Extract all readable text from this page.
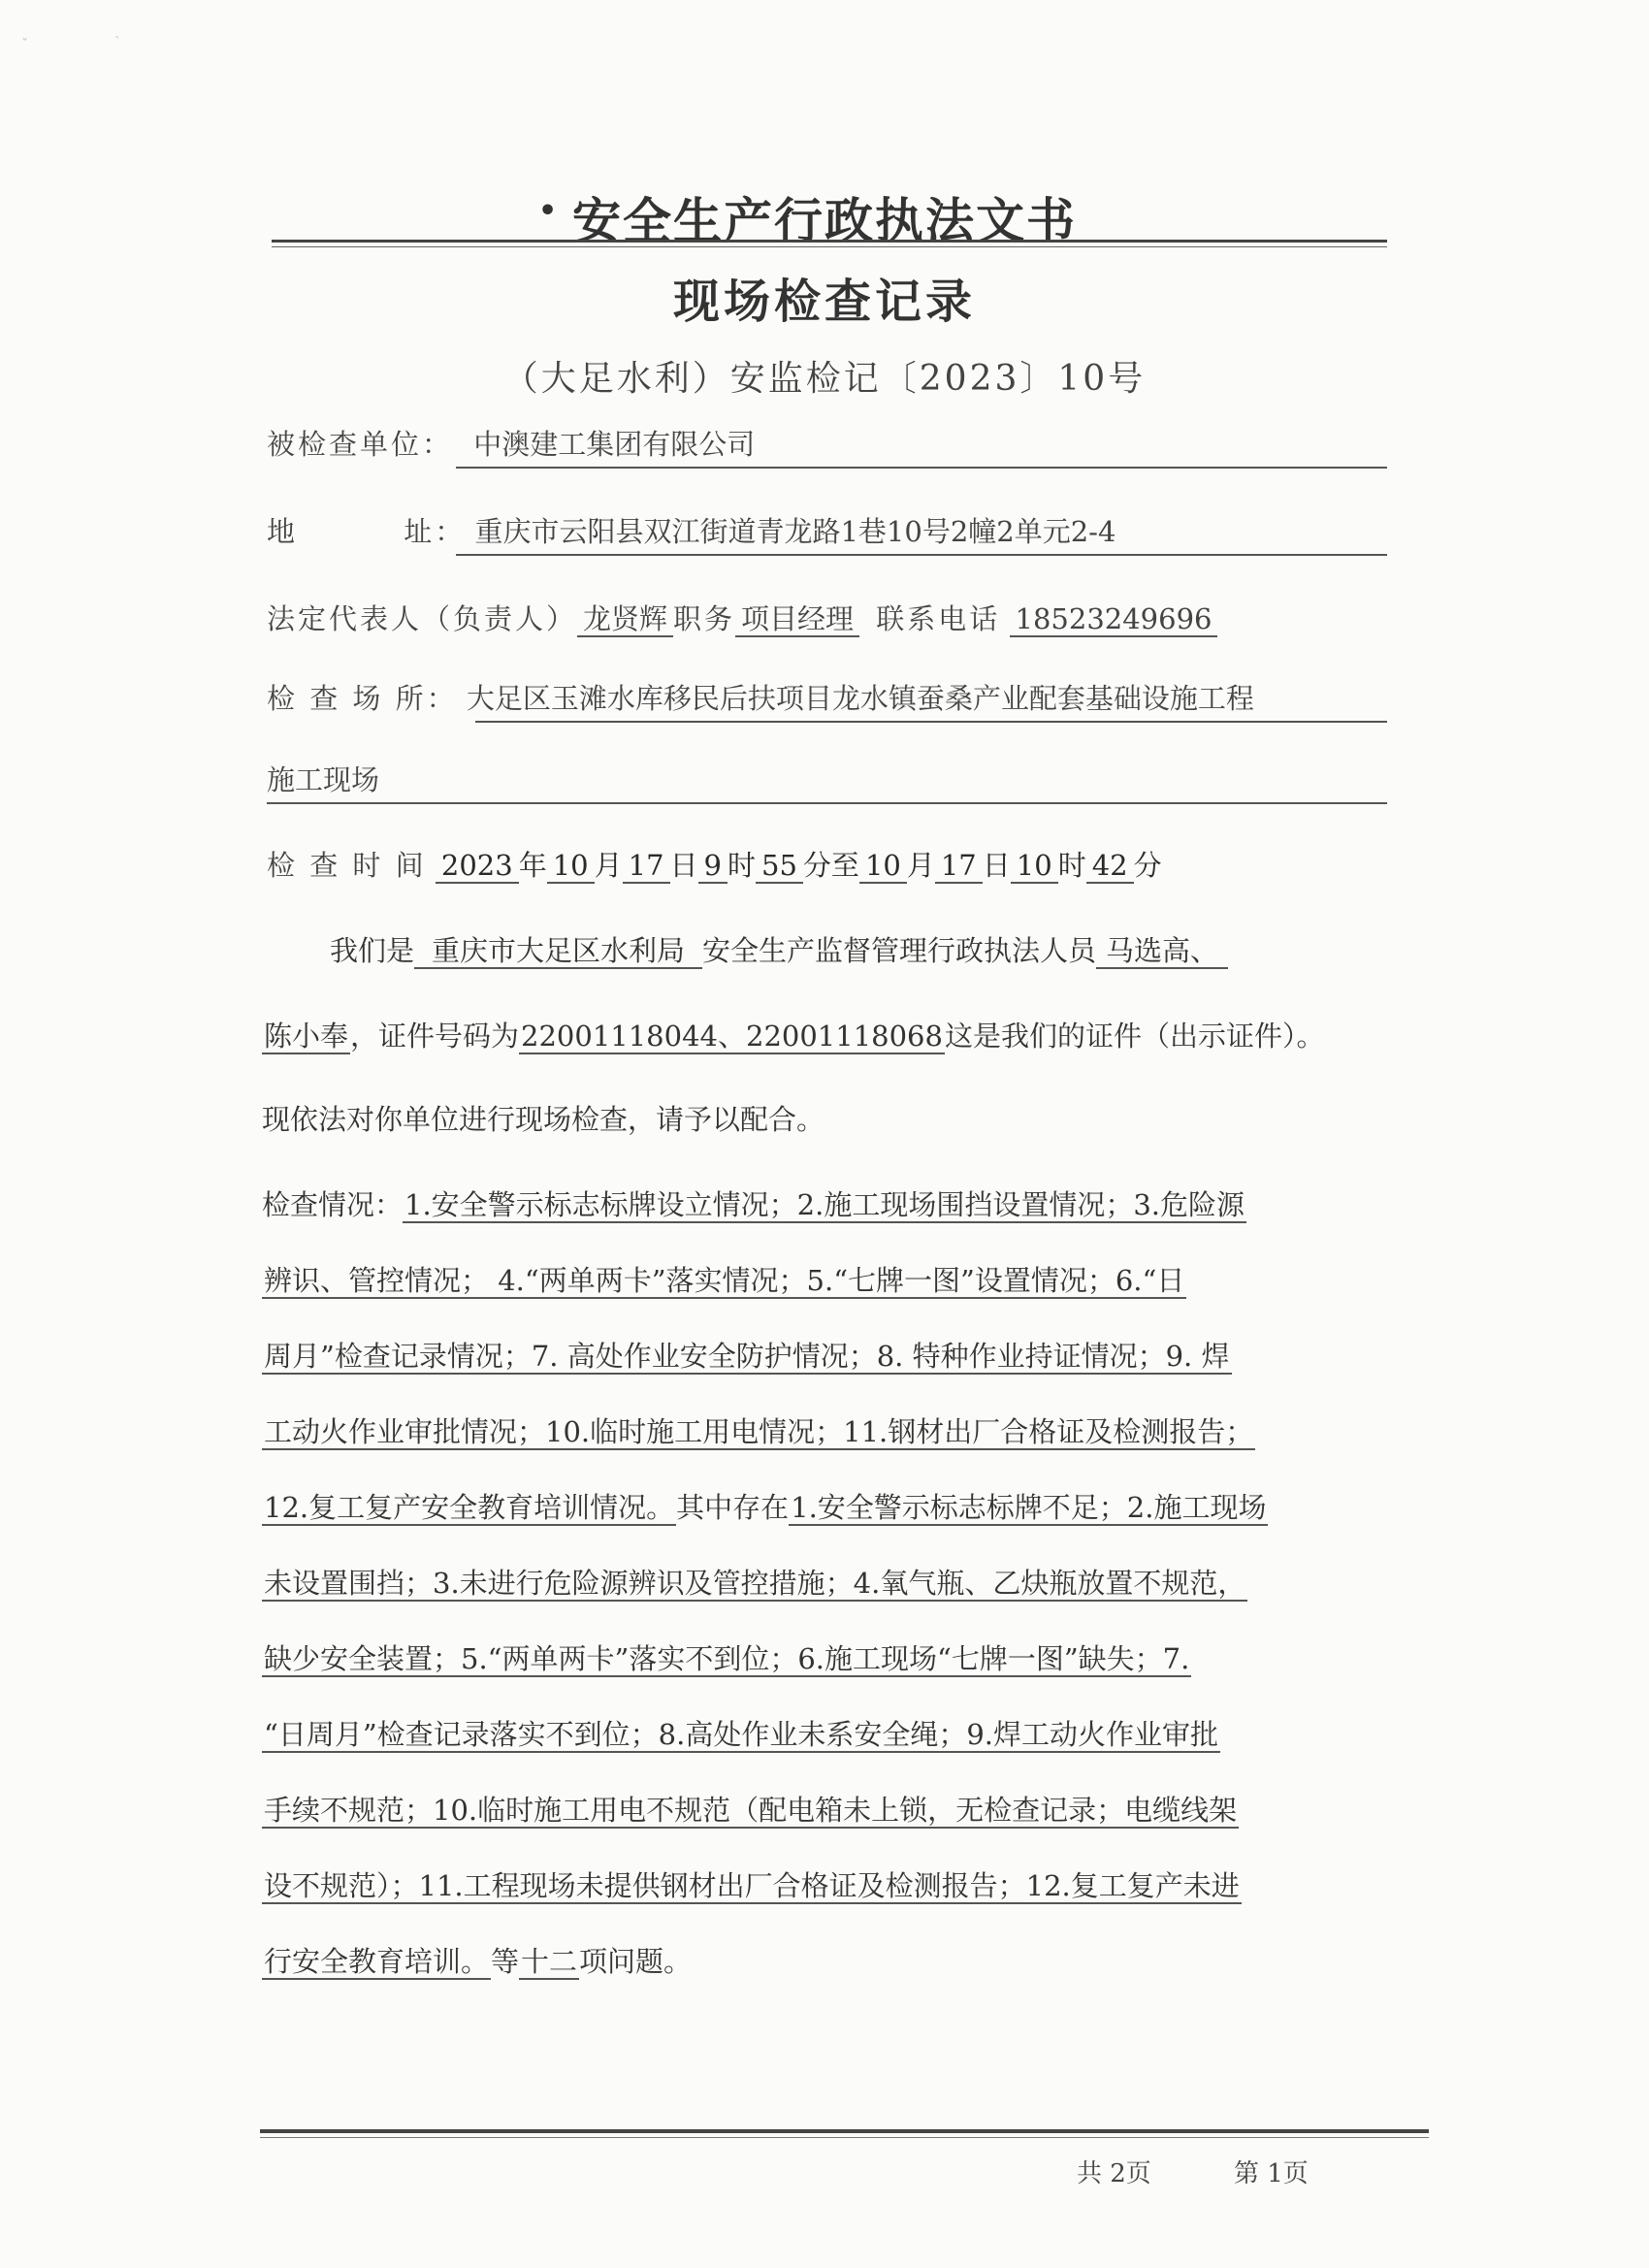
ˇ	ˋ
• 安全生产行政执法文书
现场检查记录
（大足水利）安监检记〔2023〕10号
被检查单位： 中澳建工集团有限公司
地	址： 重庆市云阳县双江街道青龙路1巷10号2幢2单元2-4
法定代表人（负责人） 龙贤辉 职务 项目经理 联系电话 18523249696
检 查 场 所： 大足区玉滩水库移民后扶项目龙水镇蚕桑产业配套基础设施工程
施工现场
检 查 时 间 2023 年 10 月 17 日 9 时 55 分至 10 月 17 日 10 时 42 分
我们是 重庆市大足区水利局 安全生产监督管理行政执法人员 马选高、
陈小奉，证件号码为22001118044、22001118068这是我们的证件（出示证件）。
现依法对你单位进行现场检查，请予以配合。
检查情况：1.安全警示标志标牌设立情况；2.施工现场围挡设置情况；3.危险源
辨识、管控情况； 4.“两单两卡”落实情况；5.“七牌一图”设置情况；6.“日
周月”检查记录情况；7. 高处作业安全防护情况；8. 特种作业持证情况；9. 焊
工动火作业审批情况；10.临时施工用电情况；11.钢材出厂合格证及检测报告；
12.复工复产安全教育培训情况。其中存在1.安全警示标志标牌不足；2.施工现场
未设置围挡；3.未进行危险源辨识及管控措施；4.氧气瓶、乙炔瓶放置不规范，
缺少安全装置；5.“两单两卡”落实不到位；6.施工现场“七牌一图”缺失；7.
“日周月”检查记录落实不到位；8.高处作业未系安全绳；9.焊工动火作业审批
手续不规范；10.临时施工用电不规范（配电箱未上锁，无检查记录；电缆线架
设不规范）；11.工程现场未提供钢材出厂合格证及检测报告；12.复工复产未进
行安全教育培训。等十二项问题。
共 2页	第 1页
